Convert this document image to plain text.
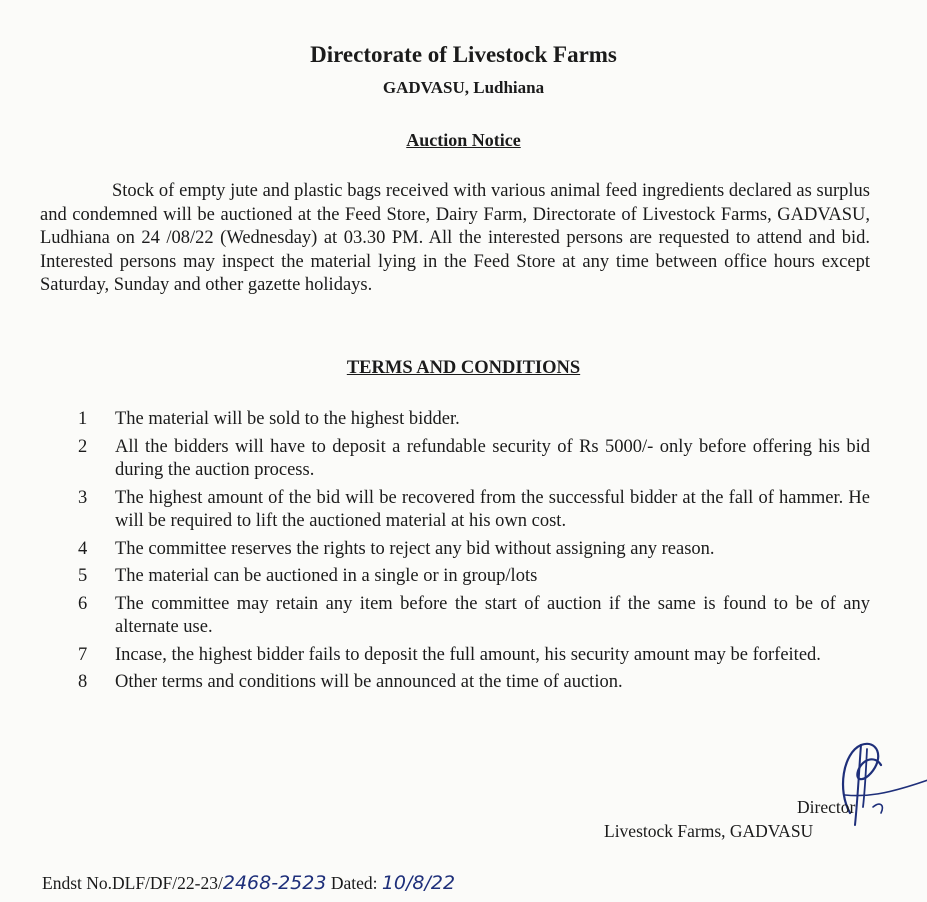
Directorate of Livestock Farms
GADVASU, Ludhiana
Auction Notice
Stock of empty jute and plastic bags received with various animal feed ingredients declared as surplus and condemned will be auctioned at the Feed Store, Dairy Farm, Directorate of Livestock Farms, GADVASU, Ludhiana on 24 /08/22 (Wednesday) at 03.30 PM. All the interested persons are requested to attend and bid. Interested persons may inspect the material lying in the Feed Store at any time between office hours except Saturday, Sunday and other gazette holidays.
TERMS AND CONDITIONS
1 The material will be sold to the highest bidder.
2 All the bidders will have to deposit a refundable security of Rs 5000/- only before offering his bid during the auction process.
3 The highest amount of the bid will be recovered from the successful bidder at the fall of hammer. He will be required to lift the auctioned material at his own cost.
4 The committee reserves the rights to reject any bid without assigning any reason.
5 The material can be auctioned in a single or in group/lots
6 The committee may retain any item before the start of auction if the same is found to be of any alternate use.
7 Incase, the highest bidder fails to deposit the full amount, his security amount may be forfeited.
8 Other terms and conditions will be announced at the time of auction.
Director
Livestock Farms, GADVASU
Endst No.DLF/DF/22-23/2468-2523 Dated: 10/8/22
